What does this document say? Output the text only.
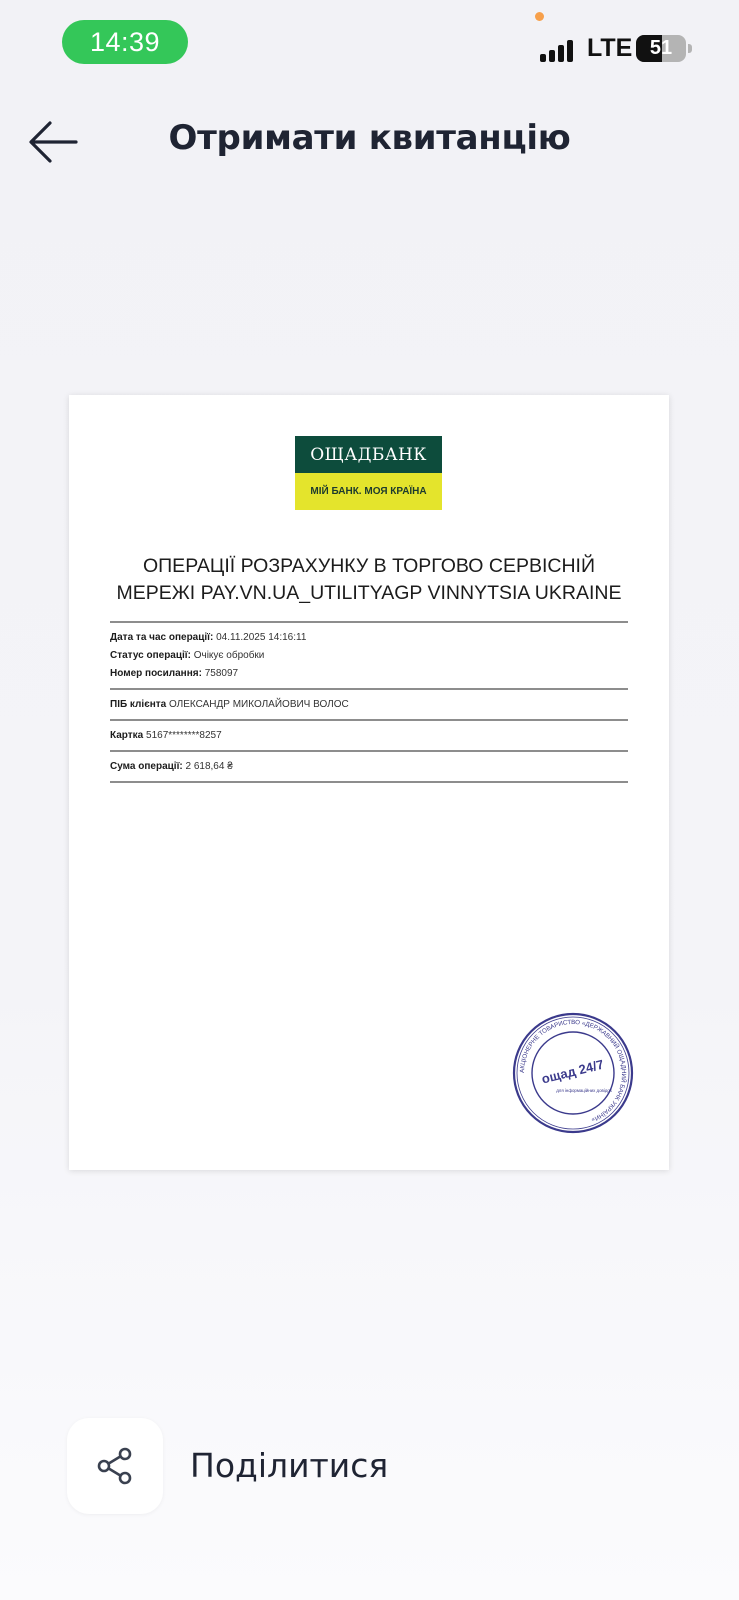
14:39	LTE 51
Отримати квитанцію
ОЩАДБАНК
МІЙ БАНК. МОЯ КРАЇНА
ОПЕРАЦІЇ РОЗРАХУНКУ В ТОРГОВО СЕРВІСНІЙ
МЕРЕЖІ PAY.VN.UA_UTILITYAGP VINNYTSIA UKRAINE
Дата та час операції: 04.11.2025 14:16:11
Статус операції: Очікує обробки
Номер посилання: 758097
ПІБ клієнта ОЛЕКСАНДР МИКОЛАЙОВИЧ ВОЛОС
Картка 5167********8257
Сума операції: 2 618,64 ₴
АКЦІОНЕРНЕ ТОВАРИСТВО «ДЕРЖАВНИЙ ОЩАДНИЙ БАНК УКРАЇНИ»
ощад 24/7
для інформаційних довідок
Поділитися
